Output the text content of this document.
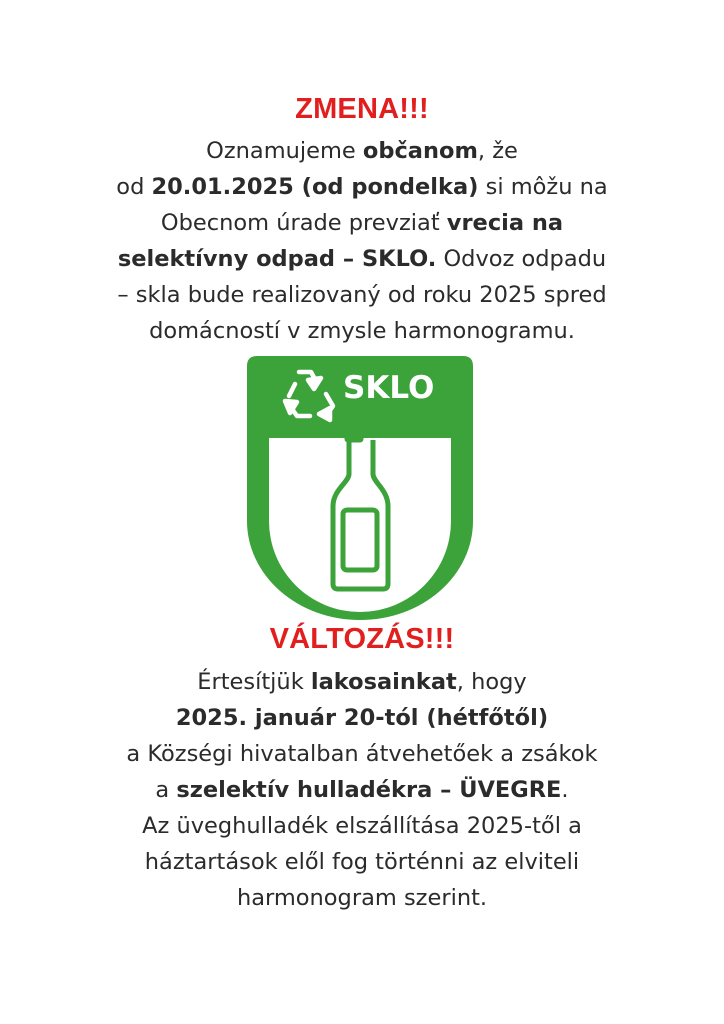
ZMENA!!!
Oznamujeme občanom, že
od 20.01.2025 (od pondelka) si môžu na
Obecnom úrade prevziať vrecia na
selektívny odpad – SKLO. Odvoz odpadu
– skla bude realizovaný od roku 2025 spred
domácností v zmysle harmonogramu.
SKLO
VÁLTOZÁS!!!
Értesítjük lakosainkat, hogy
2025. január 20-tól (hétfőtől)
a Községi hivatalban átvehetőek a zsákok
a szelektív hulladékra – ÜVEGRE.
Az üveghulladék elszállítása 2025-től a
háztartások elől fog történni az elviteli
harmonogram szerint.
